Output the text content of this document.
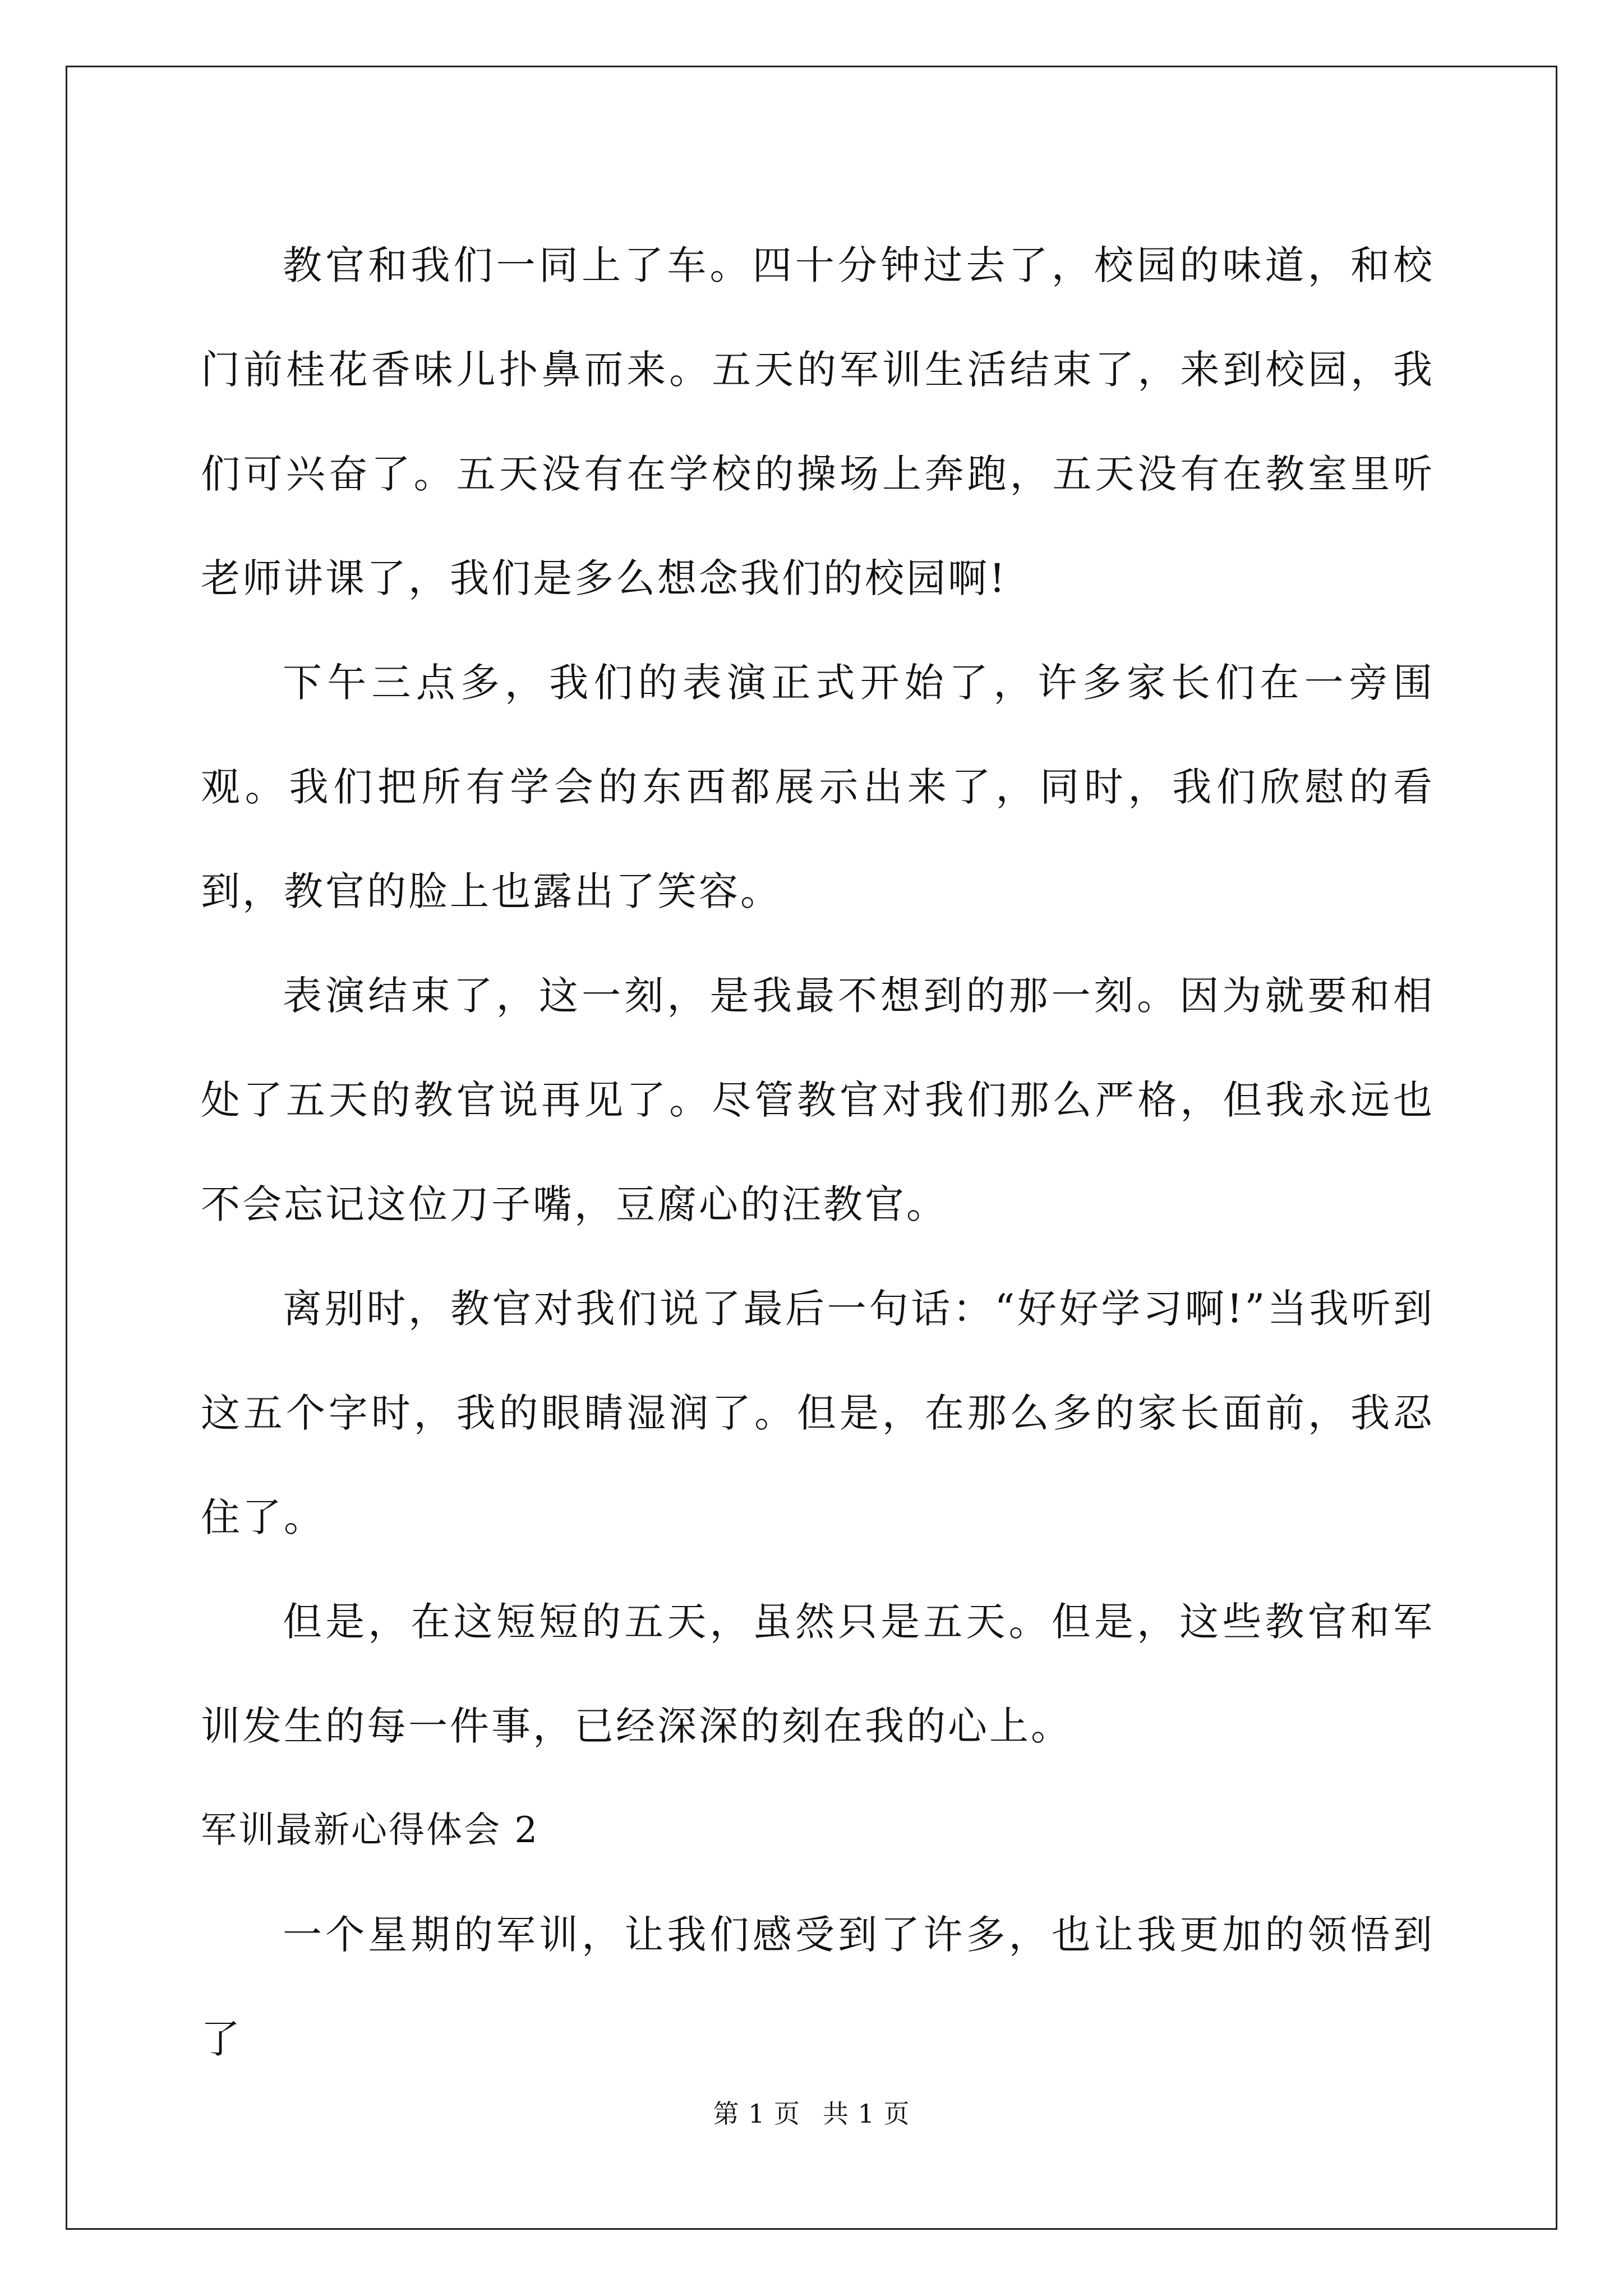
教官和我们一同上了车。四十分钟过去了，校园的味道，和校门前桂花香味儿扑鼻而来。五天的军训生活结束了，来到校园，我们可兴奋了。五天没有在学校的操场上奔跑，五天没有在教室里听老师讲课了，我们是多么想念我们的校园啊!

下午三点多，我们的表演正式开始了，许多家长们在一旁围观。我们把所有学会的东西都展示出来了，同时，我们欣慰的看到，教官的脸上也露出了笑容。

表演结束了，这一刻，是我最不想到的那一刻。因为就要和相处了五天的教官说再见了。尽管教官对我们那么严格，但我永远也不会忘记这位刀子嘴，豆腐心的汪教官。

离别时，教官对我们说了最后一句话：“好好学习啊!”当我听到这五个字时，我的眼睛湿润了。但是，在那么多的家长面前，我忍住了。

但是，在这短短的五天，虽然只是五天。但是，这些教官和军训发生的每一件事，已经深深的刻在我的心上。

军训最新心得体会 2

一个星期的军训，让我们感受到了许多，也让我更加的领悟到了

第 1 页 共 1 页
